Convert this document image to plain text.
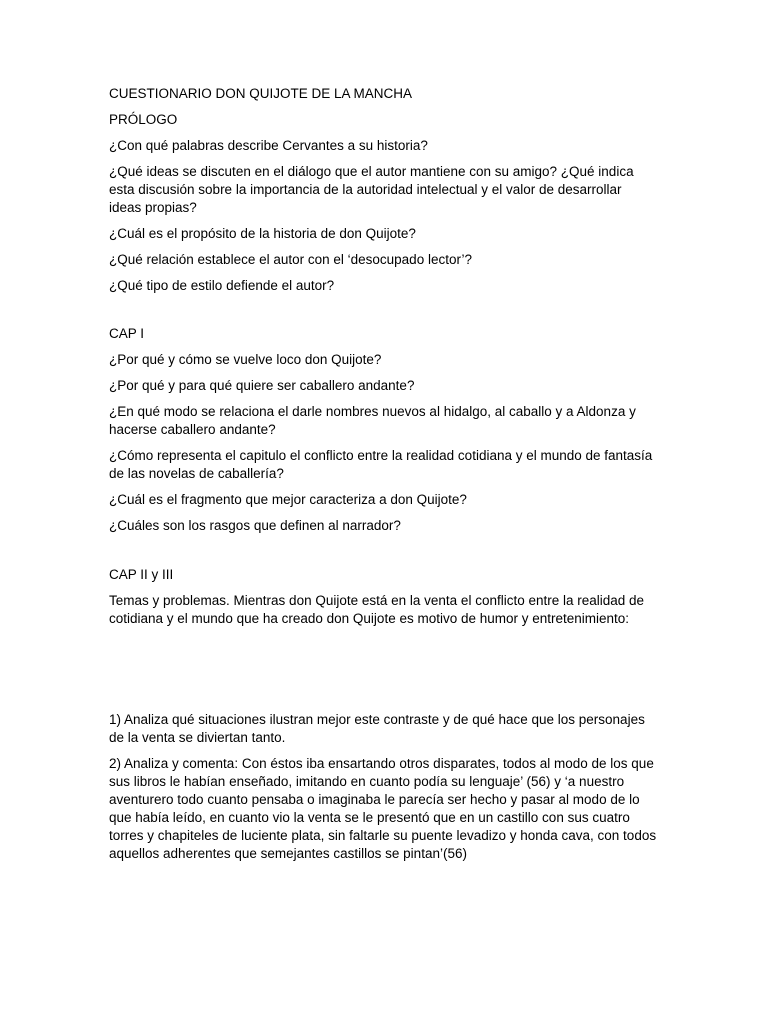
CUESTIONARIO DON QUIJOTE DE LA MANCHA

PRÓLOGO

¿Con qué palabras describe Cervantes a su historia?

¿Qué ideas se discuten en el diálogo que el autor mantiene con su amigo? ¿Qué indica esta discusión sobre la importancia de la autoridad intelectual y el valor de desarrollar ideas propias?

¿Cuál es el propósito de la historia de don Quijote?

¿Qué relación establece el autor con el ‘desocupado lector’?

¿Qué tipo de estilo defiende el autor?

CAP I

¿Por qué y cómo se vuelve loco don Quijote?

¿Por qué y para qué quiere ser caballero andante?

¿En qué modo se relaciona el darle nombres nuevos al hidalgo, al caballo y a Aldonza y hacerse caballero andante?

¿Cómo representa el capitulo el conflicto entre la realidad cotidiana y el mundo de fantasía de las novelas de caballería?

¿Cuál es el fragmento que mejor caracteriza a don Quijote?

¿Cuáles son los rasgos que definen al narrador?

CAP II y III

Temas y problemas. Mientras don Quijote está en la venta el conflicto entre la realidad de cotidiana y el mundo que ha creado don Quijote es motivo de humor y entretenimiento:

1) Analiza qué situaciones ilustran mejor este contraste y de qué hace que los personajes de la venta se diviertan tanto.

2) Analiza y comenta: Con éstos iba ensartando otros disparates, todos al modo de los que sus libros le habían enseñado, imitando en cuanto podía su lenguaje’ (56) y ‘a nuestro aventurero todo cuanto pensaba o imaginaba le parecía ser hecho y pasar al modo de lo que había leído, en cuanto vio la venta se le presentó que en un castillo con sus cuatro torres y chapiteles de luciente plata, sin faltarle su puente levadizo y honda cava, con todos aquellos adherentes que semejantes castillos se pintan’(56)
